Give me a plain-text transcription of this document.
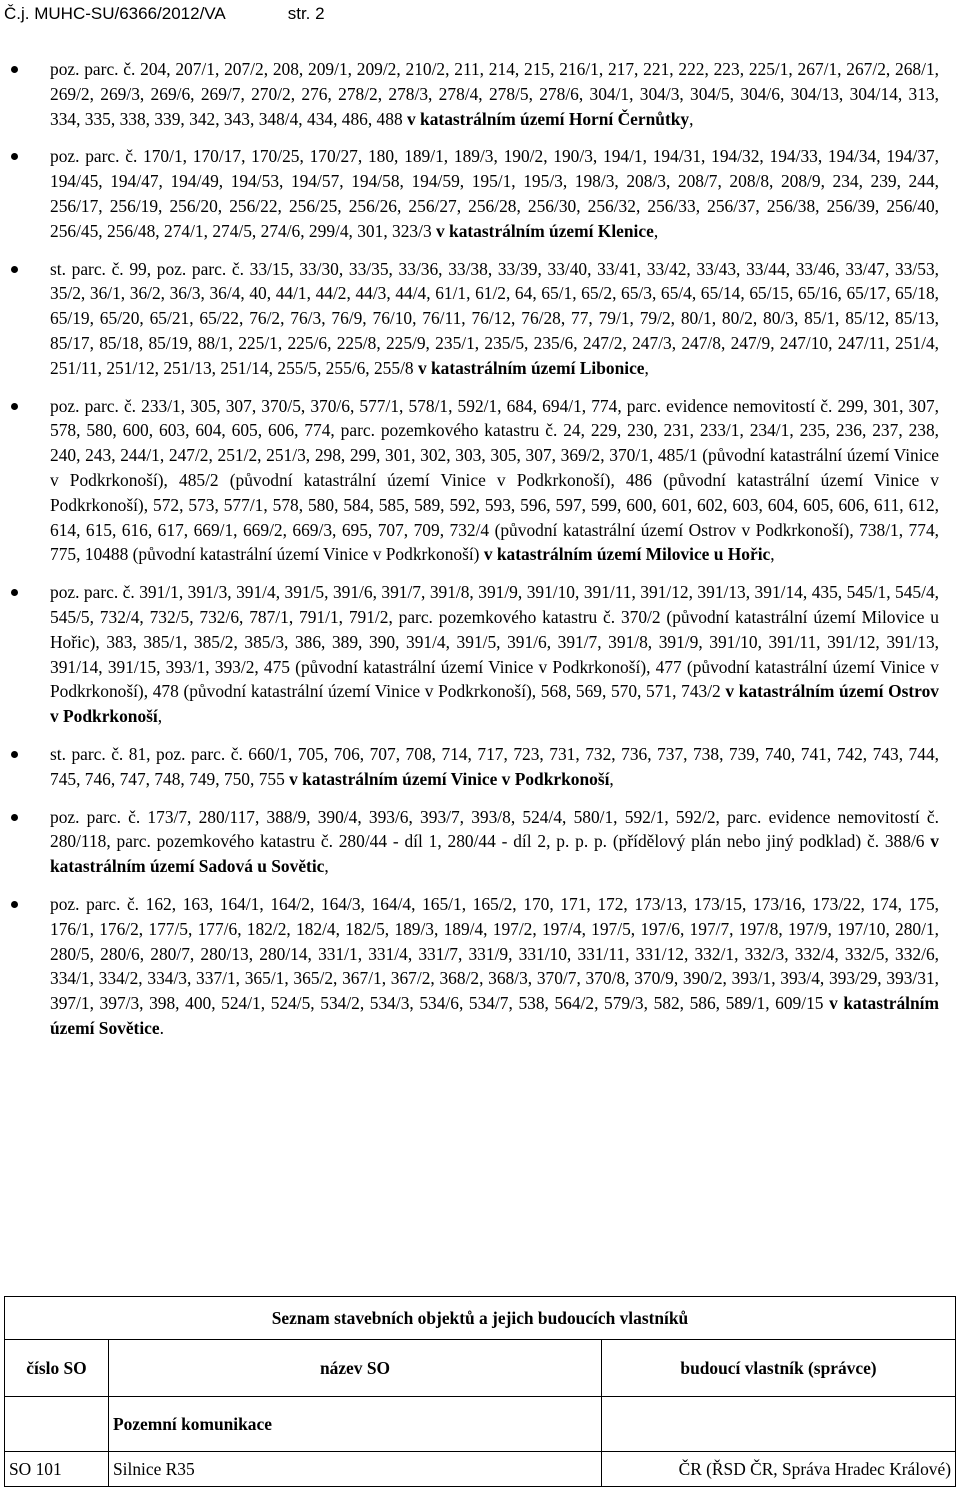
Č.j. MUHC-SU/6366/2012/VA	str. 2
poz. parc. č. 204, 207/1, 207/2, 208, 209/1, 209/2, 210/2, 211, 214, 215, 216/1, 217, 221, 222, 223, 225/1, 267/1, 267/2, 268/1, 269/2, 269/3, 269/6, 269/7, 270/2, 276, 278/2, 278/3, 278/4, 278/5, 278/6, 304/1, 304/3, 304/5, 304/6, 304/13, 304/14, 313, 334, 335, 338, 339, 342, 343, 348/4, 434, 486, 488 v katastrálním území Horní Černůtky,
poz. parc. č. 170/1, 170/17, 170/25, 170/27, 180, 189/1, 189/3, 190/2, 190/3, 194/1, 194/31, 194/32, 194/33, 194/34, 194/37, 194/45, 194/47, 194/49, 194/53, 194/57, 194/58, 194/59, 195/1, 195/3, 198/3, 208/3, 208/7, 208/8, 208/9, 234, 239, 244, 256/17, 256/19, 256/20, 256/22, 256/25, 256/26, 256/27, 256/28, 256/30, 256/32, 256/33, 256/37, 256/38, 256/39, 256/40, 256/45, 256/48, 274/1, 274/5, 274/6, 299/4, 301, 323/3 v katastrálním území Klenice,
st. parc. č. 99, poz. parc. č. 33/15, 33/30, 33/35, 33/36, 33/38, 33/39, 33/40, 33/41, 33/42, 33/43, 33/44, 33/46, 33/47, 33/53, 35/2, 36/1, 36/2, 36/3, 36/4, 40, 44/1, 44/2, 44/3, 44/4, 61/1, 61/2, 64, 65/1, 65/2, 65/3, 65/4, 65/14, 65/15, 65/16, 65/17, 65/18, 65/19, 65/20, 65/21, 65/22, 76/2, 76/3, 76/9, 76/10, 76/11, 76/12, 76/28, 77, 79/1, 79/2, 80/1, 80/2, 80/3, 85/1, 85/12, 85/13, 85/17, 85/18, 85/19, 88/1, 225/1, 225/6, 225/8, 225/9, 235/1, 235/5, 235/6, 247/2, 247/3, 247/8, 247/9, 247/10, 247/11, 251/4, 251/11, 251/12, 251/13, 251/14, 255/5, 255/6, 255/8 v katastrálním území Libonice,
poz. parc. č. 233/1, 305, 307, 370/5, 370/6, 577/1, 578/1, 592/1, 684, 694/1, 774, parc. evidence nemovitostí č. 299, 301, 307, 578, 580, 600, 603, 604, 605, 606, 774, parc. pozemkového katastru č. 24, 229, 230, 231, 233/1, 234/1, 235, 236, 237, 238, 240, 243, 244/1, 247/2, 251/2, 251/3, 298, 299, 301, 302, 303, 305, 307, 369/2, 370/1, 485/1 (původní katastrální území Vinice v Podkrkonoší), 485/2 (původní katastrální území Vinice v Podkrkonoší), 486 (původní katastrální území Vinice v Podkrkonoší), 572, 573, 577/1, 578, 580, 584, 585, 589, 592, 593, 596, 597, 599, 600, 601, 602, 603, 604, 605, 606, 611, 612, 614, 615, 616, 617, 669/1, 669/2, 669/3, 695, 707, 709, 732/4 (původní katastrální území Ostrov v Podkrkonoší), 738/1, 774, 775, 10488 (původní katastrální území Vinice v Podkrkonoší) v katastrálním území Milovice u Hořic,
poz. parc. č. 391/1, 391/3, 391/4, 391/5, 391/6, 391/7, 391/8, 391/9, 391/10, 391/11, 391/12, 391/13, 391/14, 435, 545/1, 545/4, 545/5, 732/4, 732/5, 732/6, 787/1, 791/1, 791/2, parc. pozemkového katastru č. 370/2 (původní katastrální území Milovice u Hořic), 383, 385/1, 385/2, 385/3, 386, 389, 390, 391/4, 391/5, 391/6, 391/7, 391/8, 391/9, 391/10, 391/11, 391/12, 391/13, 391/14, 391/15, 393/1, 393/2, 475 (původní katastrální území Vinice v Podkrkonoší), 477 (původní katastrální území Vinice v Podkrkonoší), 478 (původní katastrální území Vinice v Podkrkonoší), 568, 569, 570, 571, 743/2 v katastrálním území Ostrov v Podkrkonoší,
st. parc. č. 81, poz. parc. č. 660/1, 705, 706, 707, 708, 714, 717, 723, 731, 732, 736, 737, 738, 739, 740, 741, 742, 743, 744, 745, 746, 747, 748, 749, 750, 755 v katastrálním území Vinice v Podkrkonoší,
poz. parc. č. 173/7, 280/117, 388/9, 390/4, 393/6, 393/7, 393/8, 524/4, 580/1, 592/1, 592/2, parc. evidence nemovitostí č. 280/118, parc. pozemkového katastru č. 280/44 - díl 1, 280/44 - díl 2, p. p. p. (přídělový plán nebo jiný podklad) č. 388/6 v katastrálním území Sadová u Sovětic,
poz. parc. č. 162, 163, 164/1, 164/2, 164/3, 164/4, 165/1, 165/2, 170, 171, 172, 173/13, 173/15, 173/16, 173/22, 174, 175, 176/1, 176/2, 177/5, 177/6, 182/2, 182/4, 182/5, 189/3, 189/4, 197/2, 197/4, 197/5, 197/6, 197/7, 197/8, 197/9, 197/10, 280/1, 280/5, 280/6, 280/7, 280/13, 280/14, 331/1, 331/4, 331/7, 331/9, 331/10, 331/11, 331/12, 332/1, 332/3, 332/4, 332/5, 332/6, 334/1, 334/2, 334/3, 337/1, 365/1, 365/2, 367/1, 367/2, 368/2, 368/3, 370/7, 370/8, 370/9, 390/2, 393/1, 393/4, 393/29, 393/31, 397/1, 397/3, 398, 400, 524/1, 524/5, 534/2, 534/3, 534/6, 534/7, 538, 564/2, 579/3, 582, 586, 589/1, 609/15 v katastrálním území Sovětice.
Seznam stavebních objektů a jejich budoucích vlastníků		
číslo SO	název SO	budoucí vlastník (správce)
	Pozemní komunikace	
SO 101	Silnice R35	ČR (ŘSD ČR, Správa Hradec Králové)
